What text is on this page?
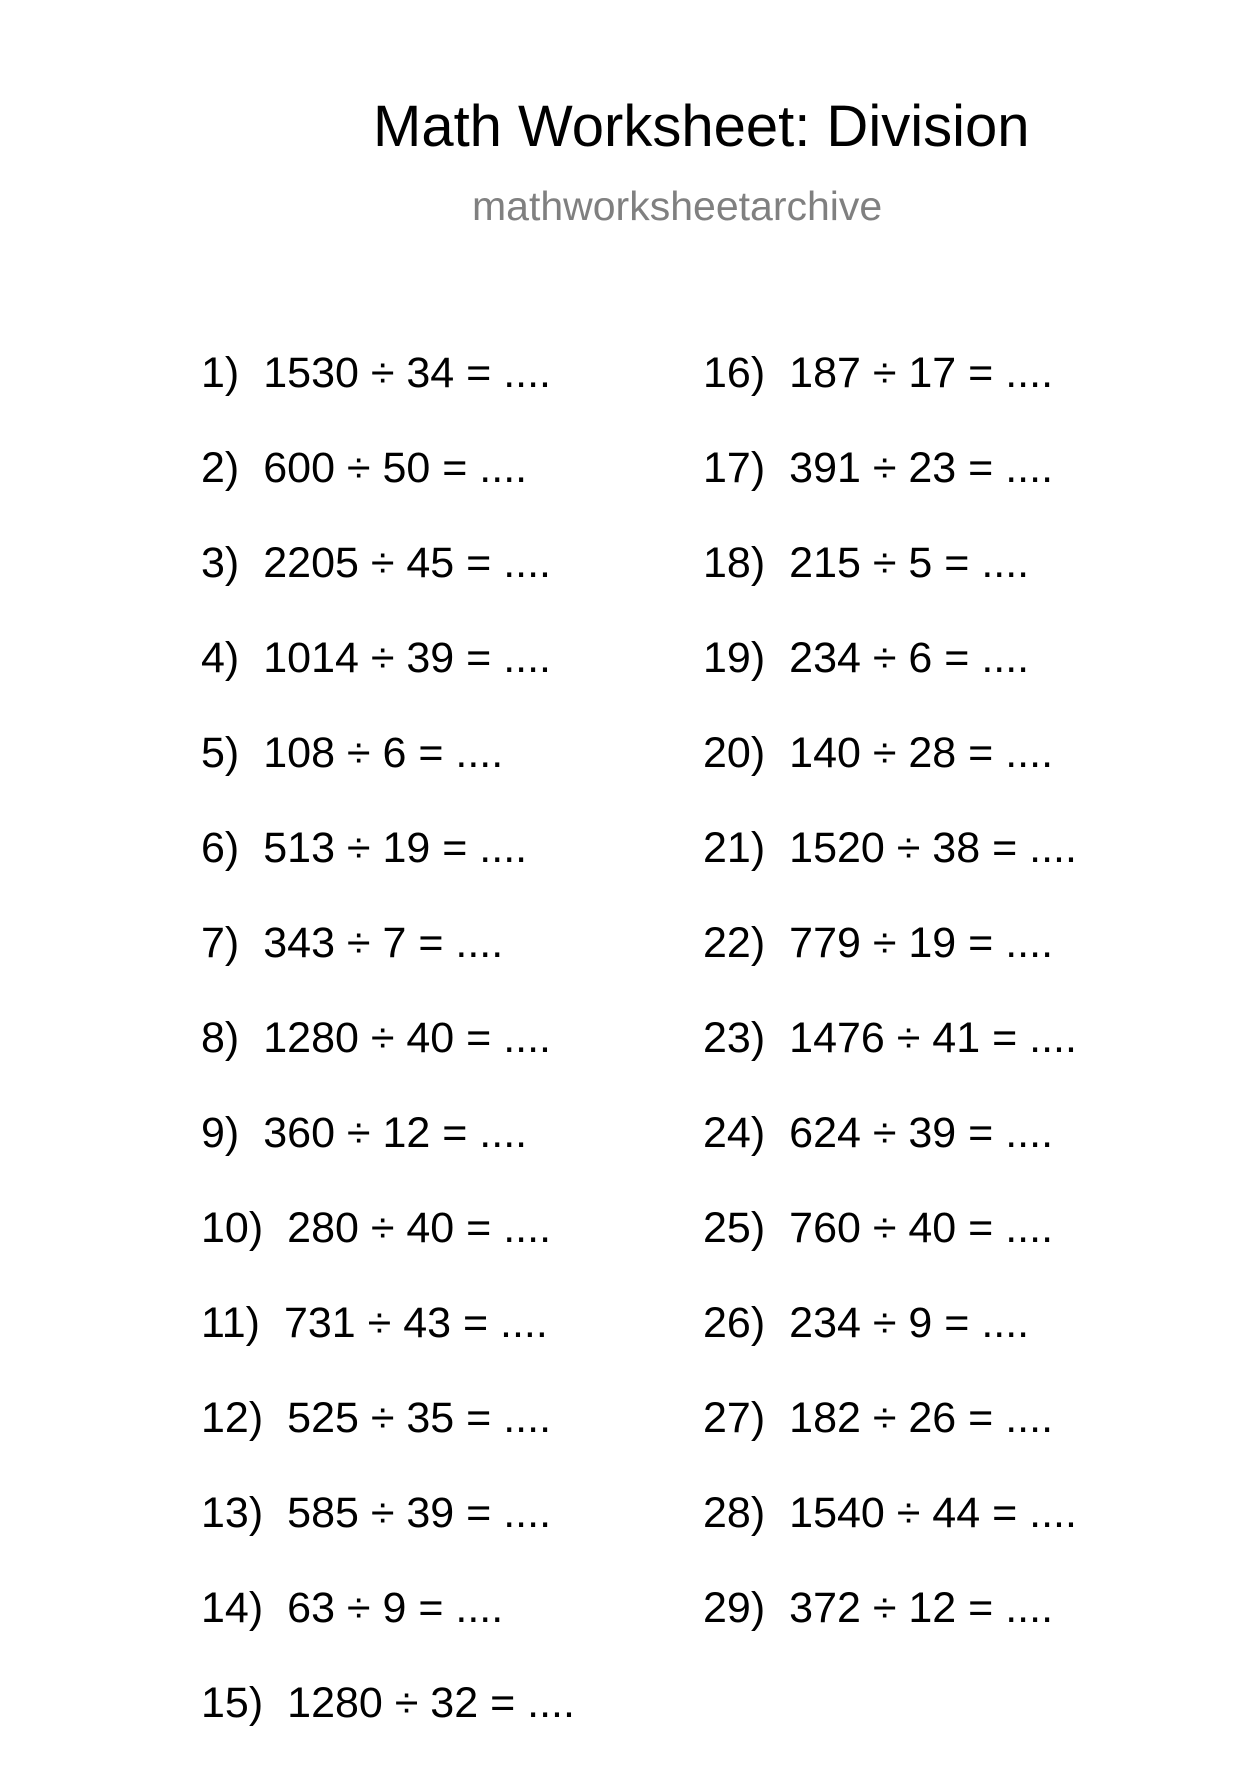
Math Worksheet: Division
mathworksheetarchive
1) 1530 ÷ 34 = ....
2) 600 ÷ 50 = ....
3) 2205 ÷ 45 = ....
4) 1014 ÷ 39 = ....
5) 108 ÷ 6 = ....
6) 513 ÷ 19 = ....
7) 343 ÷ 7 = ....
8) 1280 ÷ 40 = ....
9) 360 ÷ 12 = ....
10) 280 ÷ 40 = ....
11) 731 ÷ 43 = ....
12) 525 ÷ 35 = ....
13) 585 ÷ 39 = ....
14) 63 ÷ 9 = ....
15) 1280 ÷ 32 = ....
16) 187 ÷ 17 = ....
17) 391 ÷ 23 = ....
18) 215 ÷ 5 = ....
19) 234 ÷ 6 = ....
20) 140 ÷ 28 = ....
21) 1520 ÷ 38 = ....
22) 779 ÷ 19 = ....
23) 1476 ÷ 41 = ....
24) 624 ÷ 39 = ....
25) 760 ÷ 40 = ....
26) 234 ÷ 9 = ....
27) 182 ÷ 26 = ....
28) 1540 ÷ 44 = ....
29) 372 ÷ 12 = ....
